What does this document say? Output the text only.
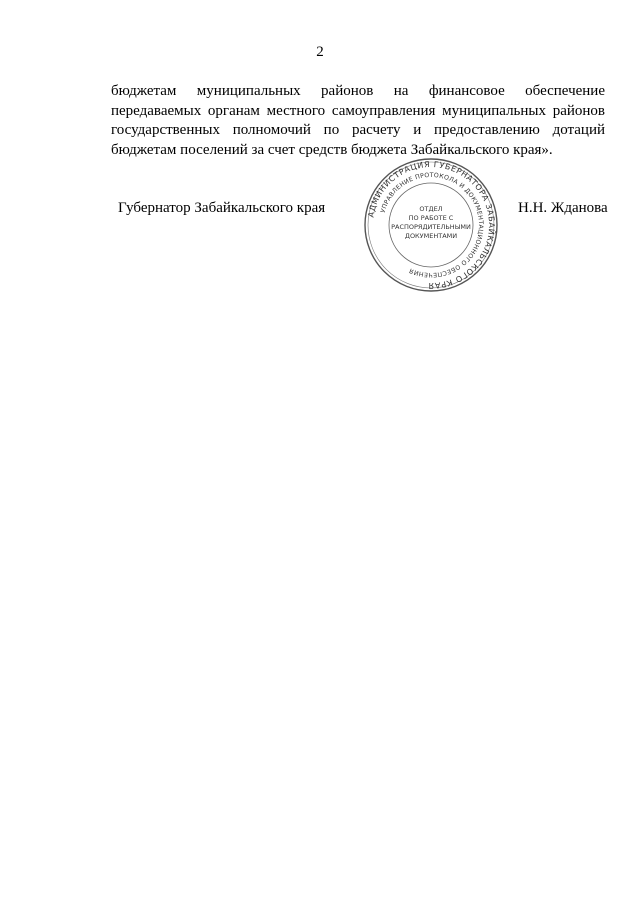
2
бюджетам муниципальных районов на финансовое обеспечение
передаваемых органам местного самоуправления муниципальных районов
государственных полномочий по расчету и предоставлению дотаций
бюджетам поселений за счет средств бюджета Забайкальского края».
Губернатор Забайкальского края	Н.Н. Жданова
АДМИНИСТРАЦИЯ ГУБЕРНАТОРА ЗАБАЙКАЛЬСКОГО КРАЯ
УПРАВЛЕНИЕ ПРОТОКОЛА И ДОКУМЕНТАЦИОННОГО ОБЕСПЕЧЕНИЯ
ОТДЕЛ
ПО РАБОТЕ С
РАСПОРЯДИТЕЛЬНЫМИ
ДОКУМЕНТАМИ
